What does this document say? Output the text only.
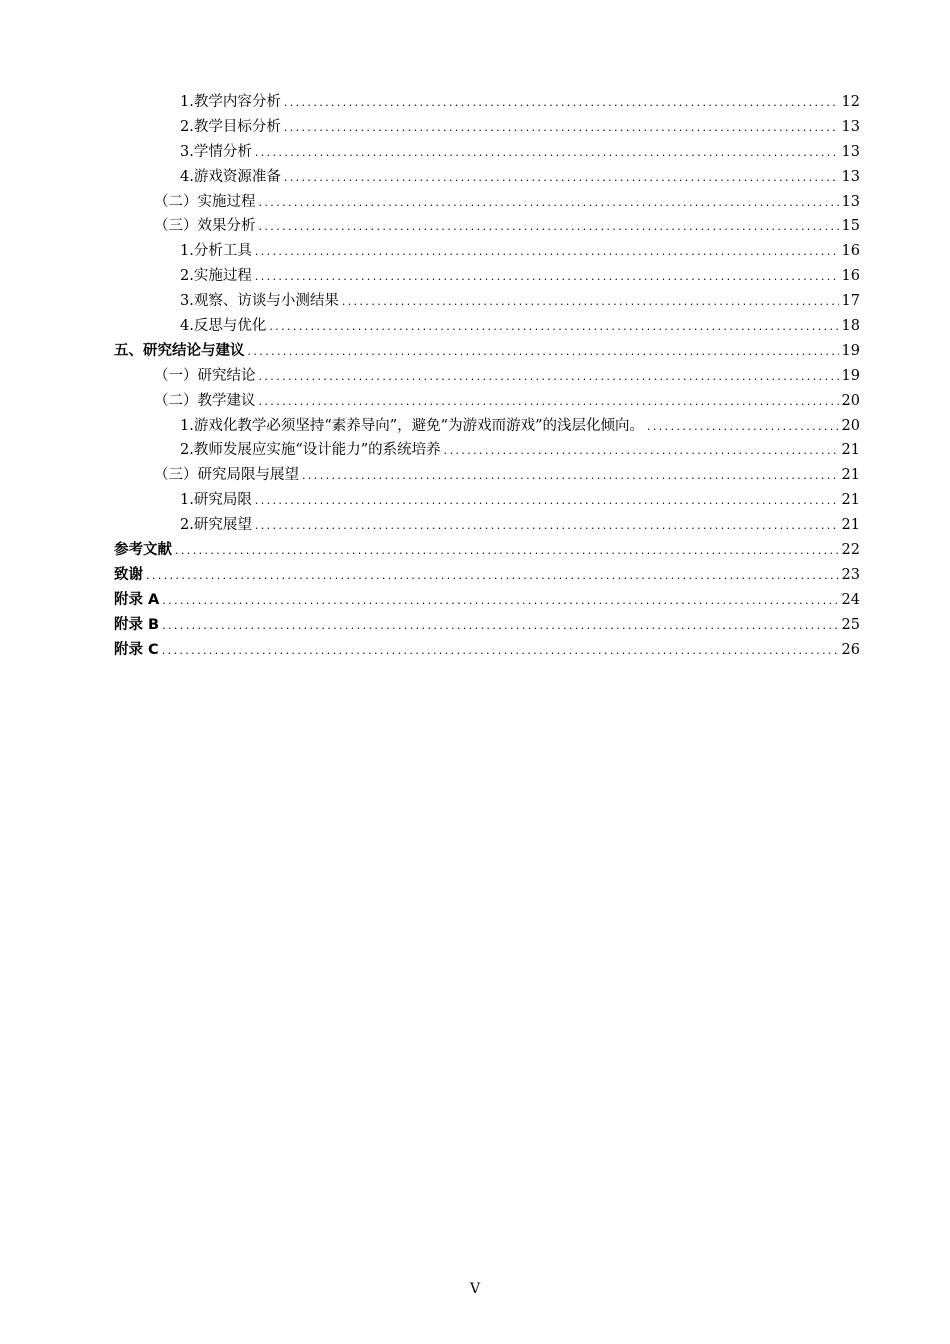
1.教学内容分析 .....	12
2.教学目标分析 .....	13
3.学情分析 .....	13
4.游戏资源准备 .....	13
（二）实施过程 .....	13
（三）效果分析 .....	15
1.分析工具 .....	16
2.实施过程 .....	16
3.观察、访谈与小测结果 .....	17
4.反思与优化 .....	18
五、研究结论与建议 .....	19
（一）研究结论 .....	19
（二）教学建议 .....	20
1.游戏化教学必须坚持“素养导向”，避免“为游戏而游戏”的浅层化倾向。 .....	20
2.教师发展应实施“设计能力”的系统培养 .....	21
（三）研究局限与展望 .....	21
1.研究局限 .....	21
2.研究展望 .....	21
参考文献 .....	22
致谢 .....	23
附录 A .....	24
附录 B .....	25
附录 C .....	26
V
